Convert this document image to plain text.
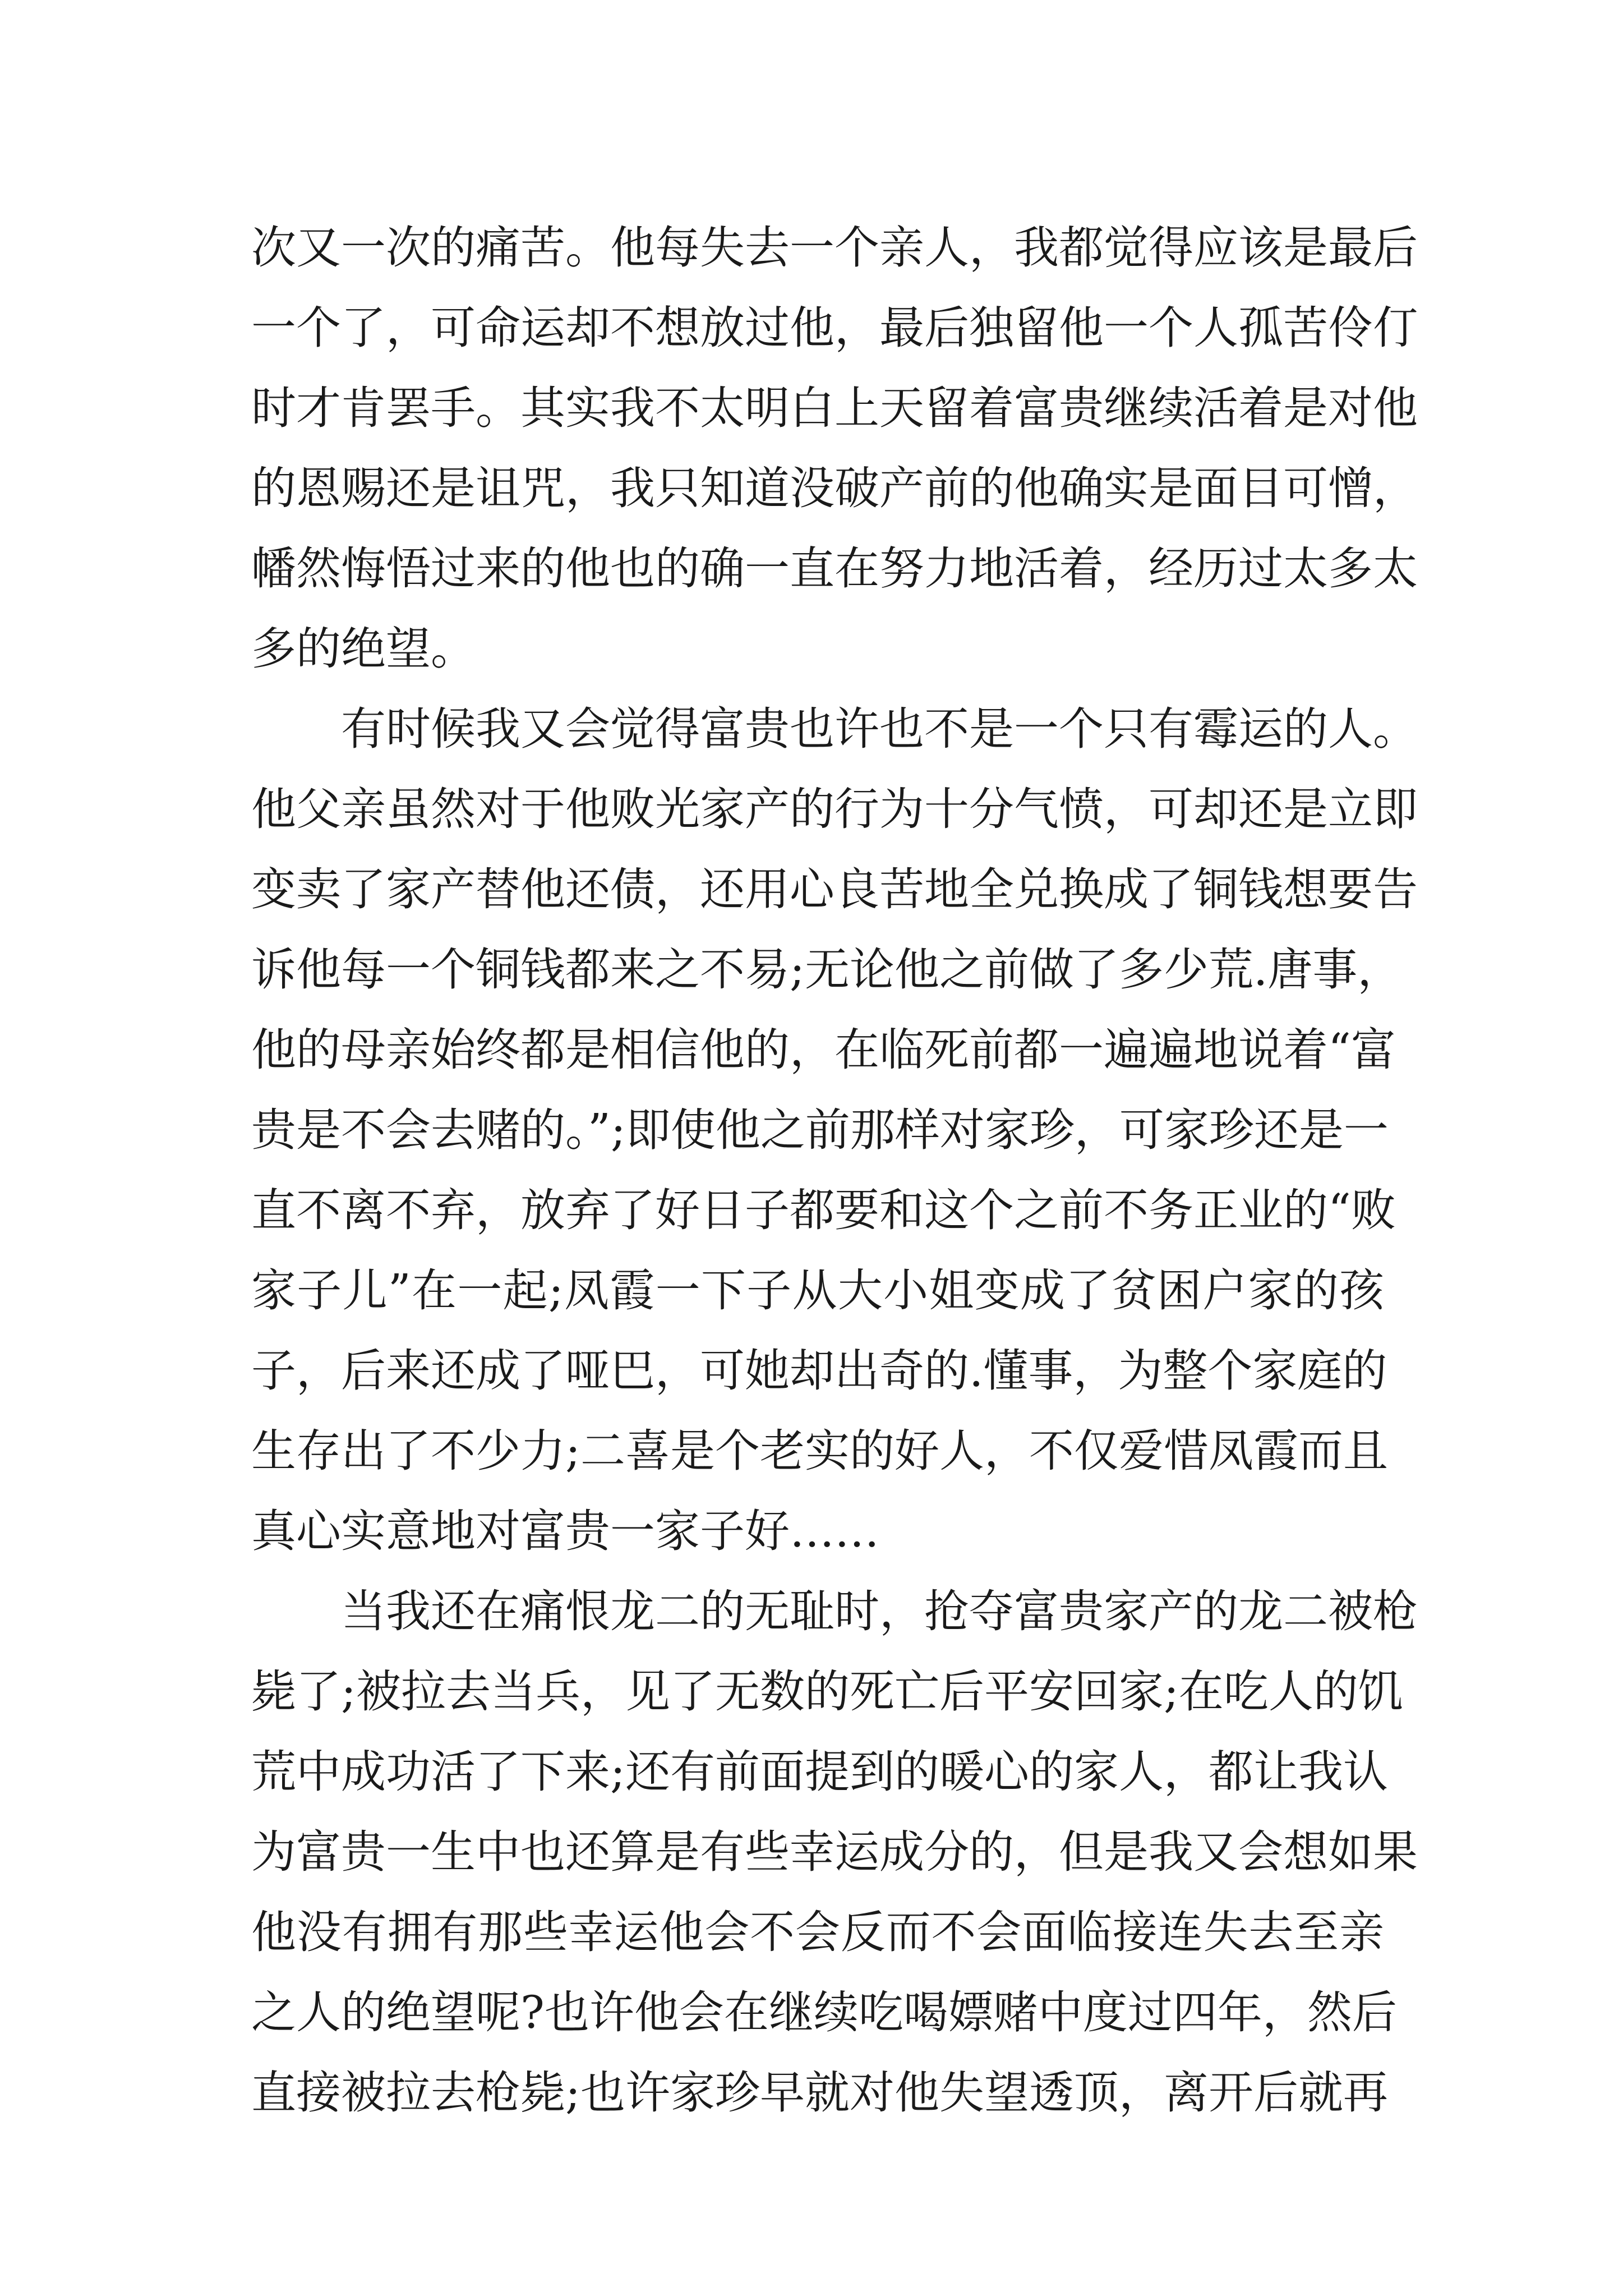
次又一次的痛苦。他每失去一个亲人，我都觉得应该是最后
一个了，可命运却不想放过他，最后独留他一个人孤苦伶仃
时才肯罢手。其实我不太明白上天留着富贵继续活着是对他
的恩赐还是诅咒，我只知道没破产前的他确实是面目可憎，
幡然悔悟过来的他也的确一直在努力地活着，经历过太多太
多的绝望。
有时候我又会觉得富贵也许也不是一个只有霉运的人。
他父亲虽然对于他败光家产的行为十分气愤，可却还是立即
变卖了家产替他还债，还用心良苦地全兑换成了铜钱想要告
诉他每一个铜钱都来之不易;无论他之前做了多少荒.唐事，
他的母亲始终都是相信他的，在临死前都一遍遍地说着“富
贵是不会去赌的。”;即使他之前那样对家珍，可家珍还是一
直不离不弃，放弃了好日子都要和这个之前不务正业的“败
家子儿”在一起;凤霞一下子从大小姐变成了贫困户家的孩
子，后来还成了哑巴，可她却出奇的.懂事，为整个家庭的
生存出了不少力;二喜是个老实的好人，不仅爱惜凤霞而且
真心实意地对富贵一家子好……
当我还在痛恨龙二的无耻时，抢夺富贵家产的龙二被枪
毙了;被拉去当兵，见了无数的死亡后平安回家;在吃人的饥
荒中成功活了下来;还有前面提到的暖心的家人，都让我认
为富贵一生中也还算是有些幸运成分的，但是我又会想如果
他没有拥有那些幸运他会不会反而不会面临接连失去至亲
之人的绝望呢?也许他会在继续吃喝嫖赌中度过四年，然后
直接被拉去枪毙;也许家珍早就对他失望透顶，离开后就再
